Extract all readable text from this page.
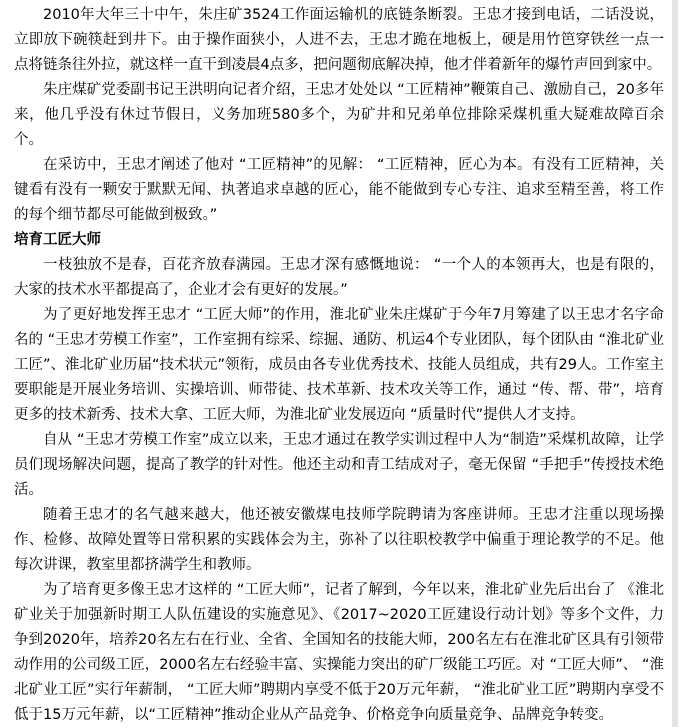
2010年大年三十中午，朱庄矿3524工作面运输机的底链条断裂。王忠才接到电话，二话没说，立即放下碗筷赶到井下。由于操作面狭小，人进不去，王忠才跪在地板上，硬是用竹笆穿铁丝一点一点将链条往外拉，就这样一直干到凌晨4点多，把问题彻底解决掉，他才伴着新年的爆竹声回到家中。

朱庄煤矿党委副书记王洪明向记者介绍，王忠才处处以 “工匠精神”鞭策自己、激励自己，20多年来，他几乎没有休过节假日，义务加班580多个，为矿井和兄弟单位排除采煤机重大疑难故障百余个。

在采访中，王忠才阐述了他对 “工匠精神”的见解： “工匠精神，匠心为本。有没有工匠精神，关键看有没有一颗安于默默无闻、执著追求卓越的匠心，能不能做到专心专注、追求至精至善，将工作的每个细节都尽可能做到极致。”

培育工匠大师

一枝独放不是春，百花齐放春满园。王忠才深有感慨地说： “一个人的本领再大，也是有限的，大家的技术水平都提高了，企业才会有更好的发展。”

为了更好地发挥王忠才 “工匠大师”的作用，淮北矿业朱庄煤矿于今年7月筹建了以王忠才名字命名的 “王忠才劳模工作室”，工作室拥有综采、综掘、通防、机运4个专业团队，每个团队由 “淮北矿业工匠”、淮北矿业历届“技术状元”领衔，成员由各专业优秀技术、技能人员组成，共有29人。工作室主要职能是开展业务培训、实操培训、师带徒、技术革新、技术攻关等工作，通过 “传、帮、带”，培育更多的技术新秀、技术大拿、工匠大师，为淮北矿业发展迈向 “质量时代”提供人才支持。

自从 “王忠才劳模工作室”成立以来，王忠才通过在教学实训过程中人为“制造”采煤机故障，让学员们现场解决问题，提高了教学的针对性。他还主动和青工结成对子，毫无保留 “手把手”传授技术绝活。

随着王忠才的名气越来越大，他还被安徽煤电技师学院聘请为客座讲师。王忠才注重以现场操作、检修、故障处置等日常积累的实践体会为主，弥补了以往职校教学中偏重于理论教学的不足。他每次讲课，教室里都挤满学生和教师。

为了培育更多像王忠才这样的 “工匠大师”，记者了解到，今年以来，淮北矿业先后出台了 《淮北矿业关于加强新时期工人队伍建设的实施意见》、《2017~2020工匠建设行动计划》等多个文件，力争到2020年，培养20名左右在行业、全省、全国知名的技能大师，200名左右在淮北矿区具有引领带动作用的公司级工匠，2000名左右经验丰富、实操能力突出的矿厂级能工巧匠。对 “工匠大师”、 “淮北矿业工匠”实行年薪制， “工匠大师”聘期内享受不低于20万元年薪， “淮北矿业工匠”聘期内享受不低于15万元年薪，以“工匠精神”推动企业从产品竞争、价格竞争向质量竞争、品牌竞争转变。
